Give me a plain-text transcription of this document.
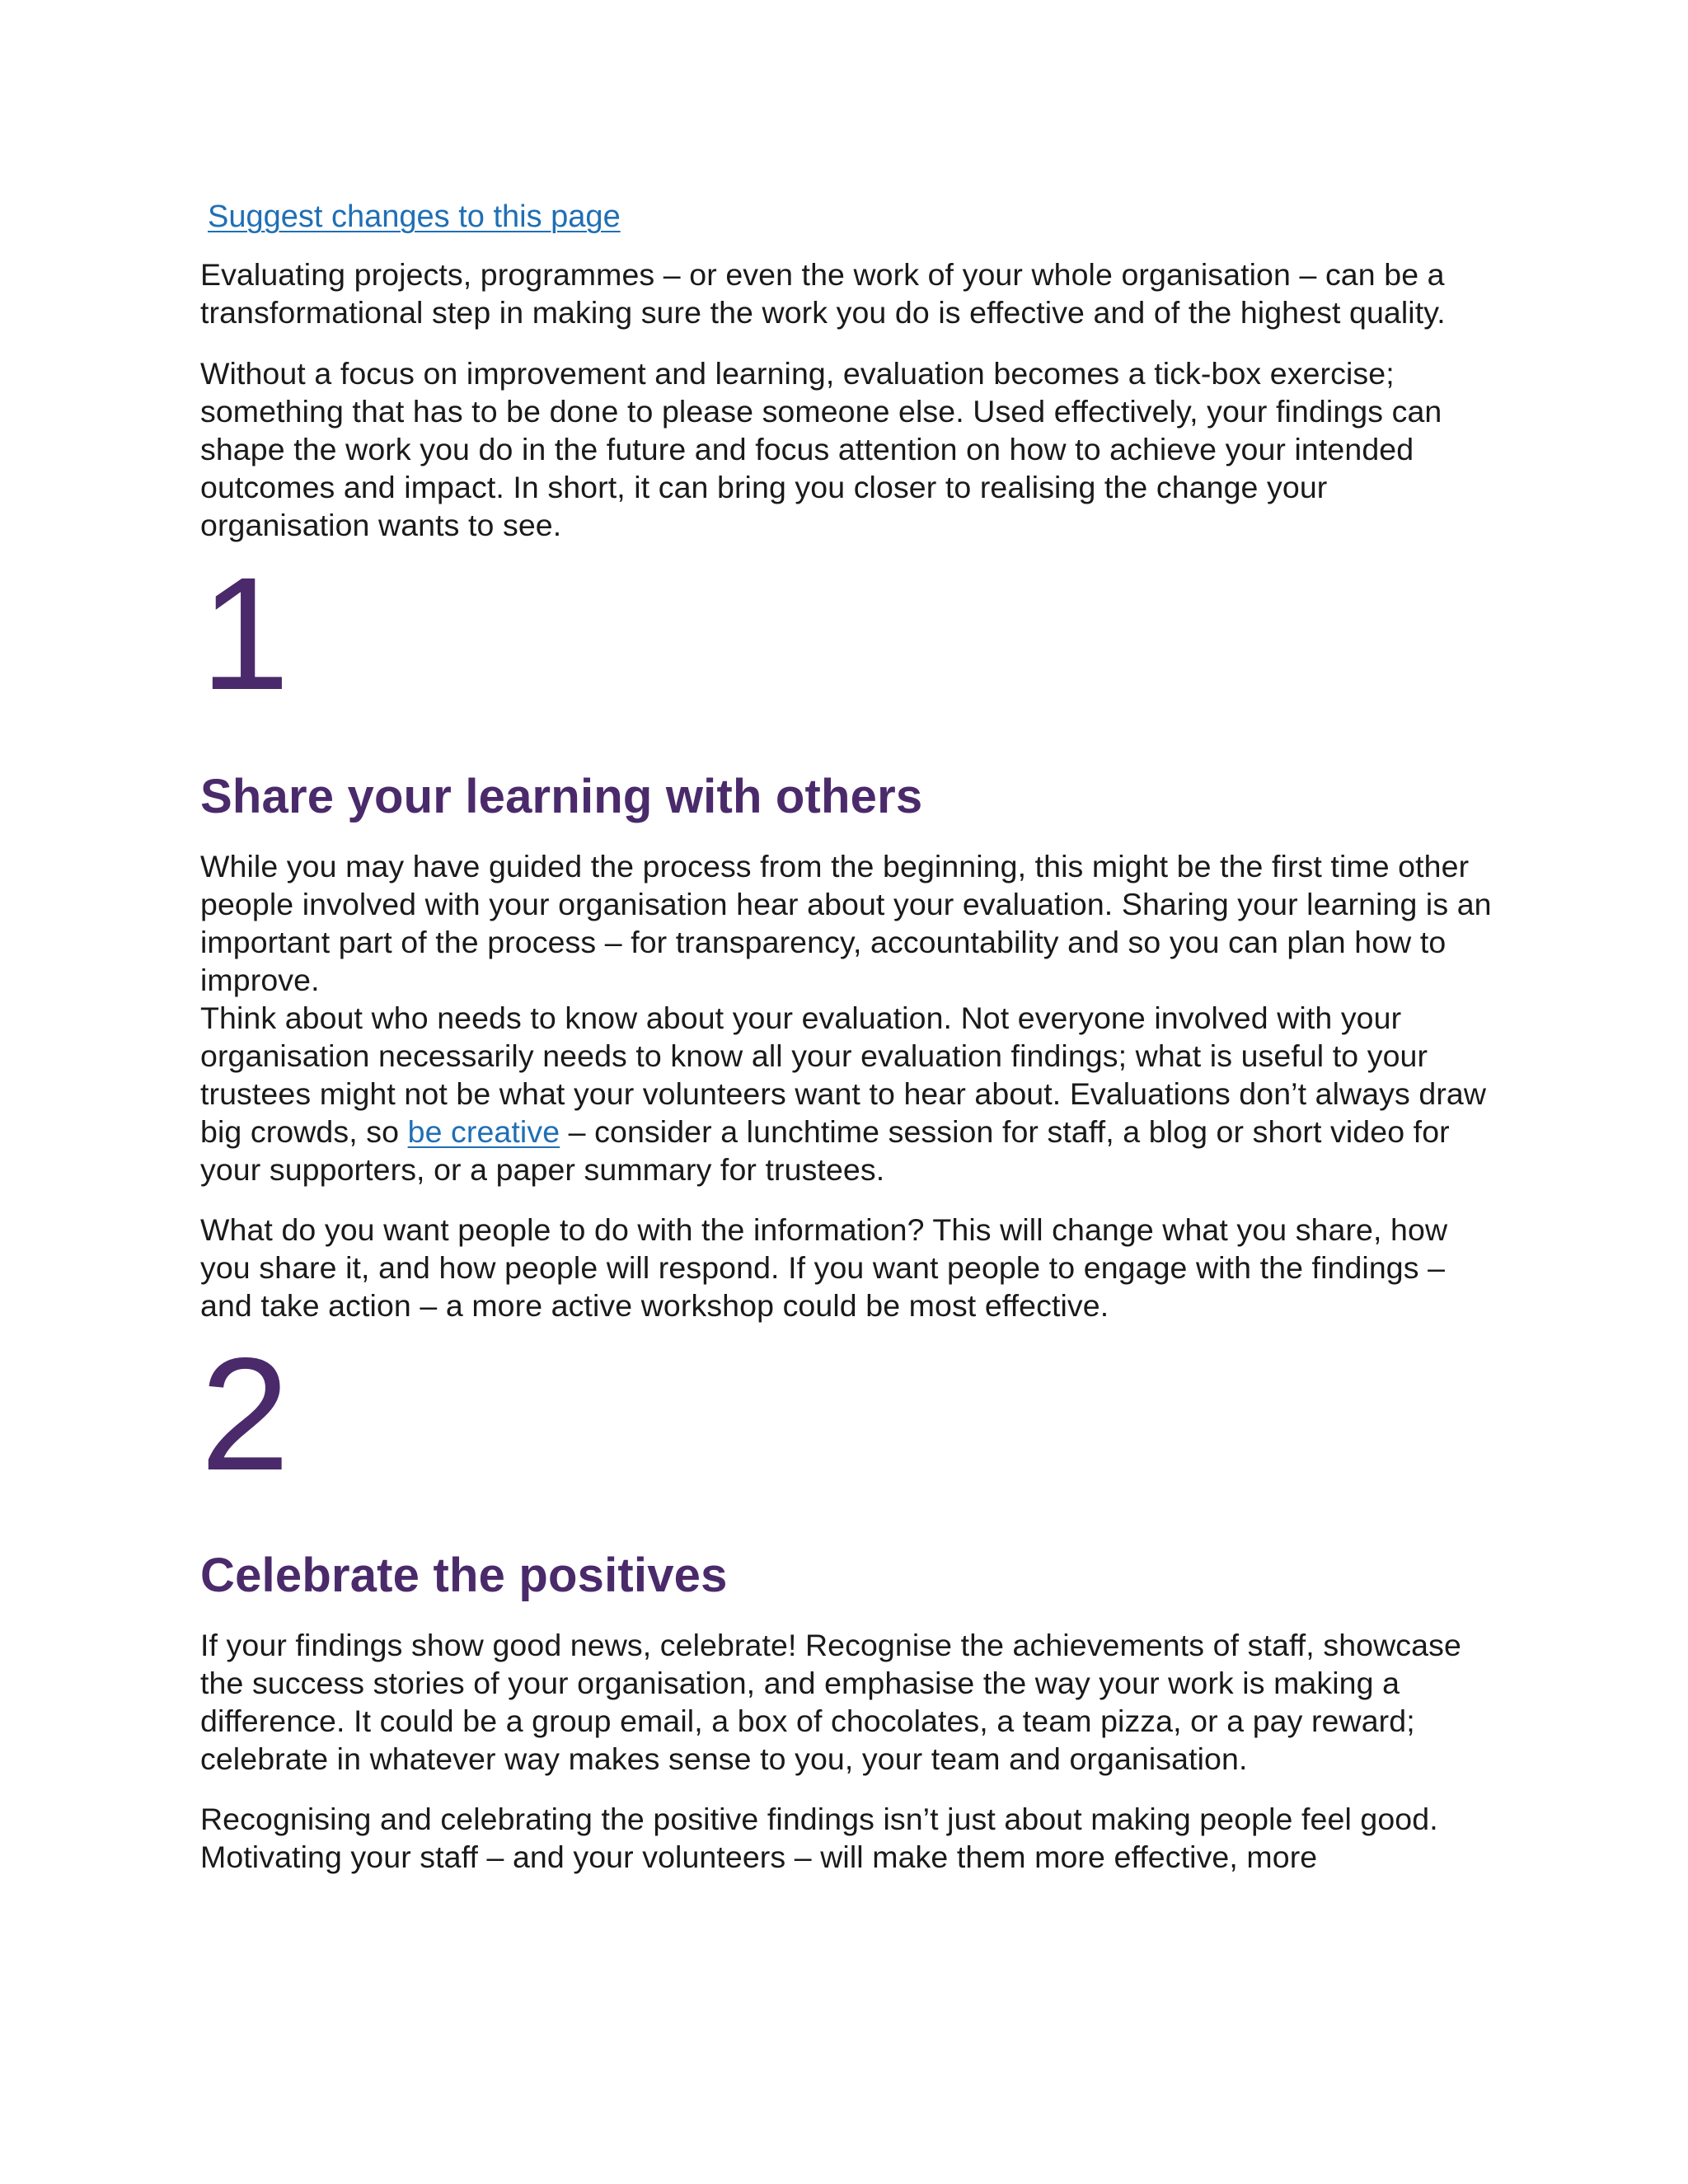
Suggest changes to this page

Evaluating projects, programmes – or even the work of your whole organisation – can be a transformational step in making sure the work you do is effective and of the highest quality.

Without a focus on improvement and learning, evaluation becomes a tick-box exercise; something that has to be done to please someone else. Used effectively, your findings can shape the work you do in the future and focus attention on how to achieve your intended outcomes and impact. In short, it can bring you closer to realising the change your organisation wants to see.

1
Share your learning with others

While you may have guided the process from the beginning, this might be the first time other people involved with your organisation hear about your evaluation. Sharing your learning is an important part of the process – for transparency, accountability and so you can plan how to improve.

Think about who needs to know about your evaluation. Not everyone involved with your organisation necessarily needs to know all your evaluation findings; what is useful to your trustees might not be what your volunteers want to hear about. Evaluations don’t always draw big crowds, so be creative – consider a lunchtime session for staff, a blog or short video for your supporters, or a paper summary for trustees.

What do you want people to do with the information? This will change what you share, how you share it, and how people will respond. If you want people to engage with the findings – and take action – a more active workshop could be most effective.

2
Celebrate the positives

If your findings show good news, celebrate! Recognise the achievements of staff, showcase the success stories of your organisation, and emphasise the way your work is making a difference. It could be a group email, a box of chocolates, a team pizza, or a pay reward; celebrate in whatever way makes sense to you, your team and organisation.

Recognising and celebrating the positive findings isn’t just about making people feel good. Motivating your staff – and your volunteers – will make them more effective, more
